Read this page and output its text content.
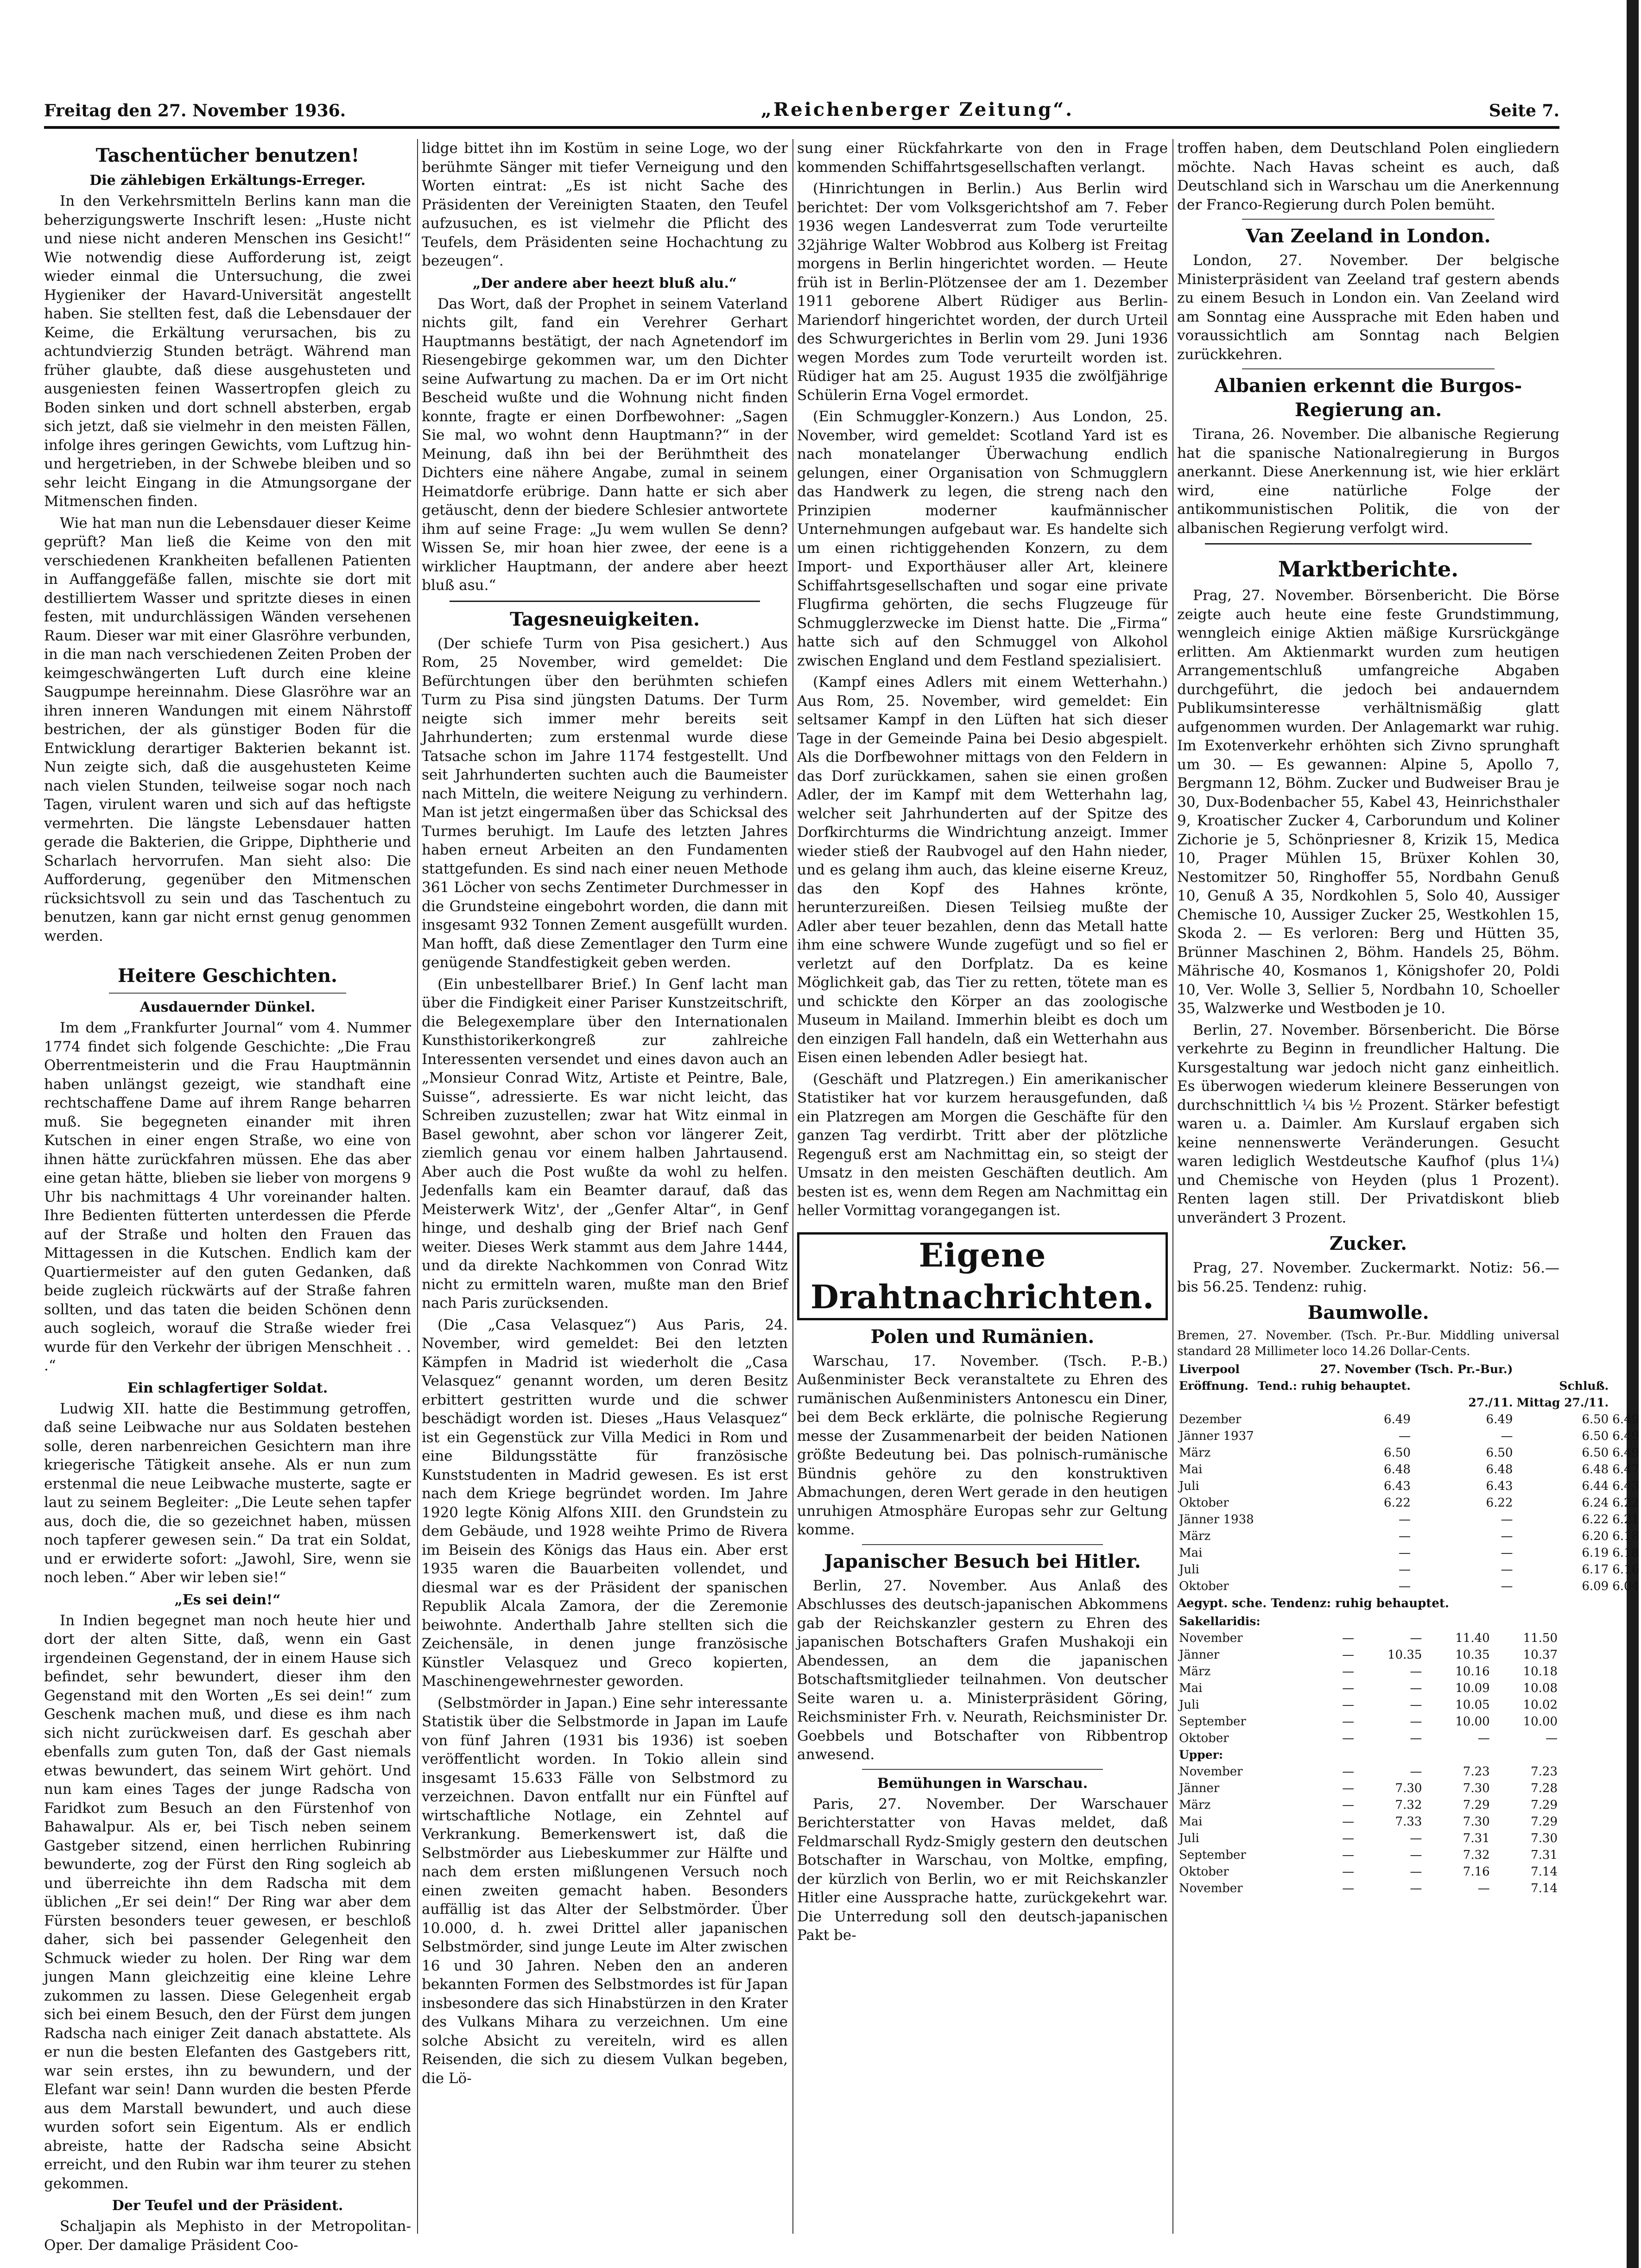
Freitag den 27. November 1936.	„Reichenberger Zeitung“.	Seite 7.
Taschentücher benutzen!
Die zählebigen Erkältungs-Erreger.

In den Verkehrsmitteln Berlins kann man die beherzigungswerte Inschrift lesen: „Huste nicht und niese nicht anderen Menschen ins Gesicht!“ Wie notwendig diese Aufforderung ist, zeigt wieder einmal die Untersuchung, die zwei Hygieniker der Havard-Universität angestellt haben. Sie stellten fest, daß die Lebensdauer der Keime, die Erkältung verursachen, bis zu achtundvierzig Stunden beträgt. Während man früher glaubte, daß diese ausgehusteten und ausgeniesten feinen Wassertropfen gleich zu Boden sinken und dort schnell absterben, ergab sich jetzt, daß sie vielmehr in den meisten Fällen, infolge ihres geringen Gewichts, vom Luftzug hin- und hergetrieben, in der Schwebe bleiben und so sehr leicht Eingang in die Atmungsorgane der Mitmenschen finden.

Wie hat man nun die Lebensdauer dieser Keime geprüft? Man ließ die Keime von den mit verschiedenen Krankheiten befallenen Patienten in Auffanggefäße fallen, mischte sie dort mit destilliertem Wasser und spritzte dieses in einen festen, mit undurchlässigen Wänden versehenen Raum. Dieser war mit einer Glasröhre verbunden, in die man nach verschiedenen Zeiten Proben der keimgeschwängerten Luft durch eine kleine Saugpumpe hereinnahm. Diese Glasröhre war an ihren inneren Wandungen mit einem Nährstoff bestrichen, der als günstiger Boden für die Entwicklung derartiger Bakterien bekannt ist. Nun zeigte sich, daß die ausgehusteten Keime nach vielen Stunden, teilweise sogar noch nach Tagen, virulent waren und sich auf das heftigste vermehrten. Die längste Lebensdauer hatten gerade die Bakterien, die Grippe, Diphtherie und Scharlach hervorrufen. Man sieht also: Die Aufforderung, gegenüber den Mitmenschen rücksichtsvoll zu sein und das Taschentuch zu benutzen, kann gar nicht ernst genug genommen werden.

Heitere Geschichten.
Ausdauernder Dünkel.

Im dem „Frankfurter Journal“ vom 4. Nummer 1774 findet sich folgende Geschichte: „Die Frau Oberrentmeisterin und die Frau Hauptmännin haben unlängst gezeigt, wie standhaft eine rechtschaffene Dame auf ihrem Range beharren muß. Sie begegneten einander mit ihren Kutschen in einer engen Straße, wo eine von ihnen hätte zurückfahren müssen. Ehe das aber eine getan hätte, blieben sie lieber von morgens 9 Uhr bis nachmittags 4 Uhr voreinander halten. Ihre Bedienten fütterten unterdessen die Pferde auf der Straße und holten den Frauen das Mittagessen in die Kutschen. Endlich kam der Quartiermeister auf den guten Gedanken, daß beide zugleich rückwärts auf der Straße fahren sollten, und das taten die beiden Schönen denn auch sogleich, worauf die Straße wieder frei wurde für den Verkehr der übrigen Menschheit . . .“

Ein schlagfertiger Soldat.

Ludwig XII. hatte die Bestimmung getroffen, daß seine Leibwache nur aus Soldaten bestehen solle, deren narbenreichen Gesichtern man ihre kriegerische Tätigkeit ansehe. Als er nun zum erstenmal die neue Leibwache musterte, sagte er laut zu seinem Begleiter: „Die Leute sehen tapfer aus, doch die, die so gezeichnet haben, müssen noch tapferer gewesen sein.“ Da trat ein Soldat, und er erwiderte sofort: „Jawohl, Sire, wenn sie noch leben.“ Aber wir leben sie!“

„Es sei dein!“

In Indien begegnet man noch heute hier und dort der alten Sitte, daß, wenn ein Gast irgendeinen Gegenstand, der in einem Hause sich befindet, sehr bewundert, dieser ihm den Gegenstand mit den Worten „Es sei dein!“ zum Geschenk machen muß, und diese es ihm nach sich nicht zurückweisen darf. Es geschah aber ebenfalls zum guten Ton, daß der Gast niemals etwas bewundert, das seinem Wirt gehört. Und nun kam eines Tages der junge Radscha von Faridkot zum Besuch an den Fürstenhof von Bahawalpur. Als er, bei Tisch neben seinem Gastgeber sitzend, einen herrlichen Rubinring bewunderte, zog der Fürst den Ring sogleich ab und überreichte ihn dem Radscha mit dem üblichen „Er sei dein!“ Der Ring war aber dem Fürsten besonders teuer gewesen, er beschloß daher, sich bei passender Gelegenheit den Schmuck wieder zu holen. Der Ring war dem jungen Mann gleichzeitig eine kleine Lehre zukommen zu lassen. Diese Gelegenheit ergab sich bei einem Besuch, den der Fürst dem jungen Radscha nach einiger Zeit danach abstattete. Als er nun die besten Elefanten des Gastgebers ritt, war sein erstes, ihn zu bewundern, und der Elefant war sein! Dann wurden die besten Pferde aus dem Marstall bewundert, und auch diese wurden sofort sein Eigentum. Als er endlich abreiste, hatte der Radscha seine Absicht erreicht, und den Rubin war ihm teurer zu stehen gekommen.

Der Teufel und der Präsident.

Schaljapin als Mephisto in der Metropolitan-Oper. Der damalige Präsident Coo-

lidge bittet ihn im Kostüm in seine Loge, wo der berühmte Sänger mit tiefer Verneigung und den Worten eintrat: „Es ist nicht Sache des Präsidenten der Vereinigten Staaten, den Teufel aufzusuchen, es ist vielmehr die Pflicht des Teufels, dem Präsidenten seine Hochachtung zu bezeugen“.

„Der andere aber heezt bluß alu.“

Das Wort, daß der Prophet in seinem Vaterland nichts gilt, fand ein Verehrer Gerhart Hauptmanns bestätigt, der nach Agnetendorf im Riesengebirge gekommen war, um den Dichter seine Aufwartung zu machen. Da er im Ort nicht Bescheid wußte und die Wohnung nicht finden konnte, fragte er einen Dorfbewohner: „Sagen Sie mal, wo wohnt denn Hauptmann?“ in der Meinung, daß ihn bei der Berühmtheit des Dichters eine nähere Angabe, zumal in seinem Heimatdorfe erübrige. Dann hatte er sich aber getäuscht, denn der biedere Schlesier antwortete ihm auf seine Frage: „Ju wem wullen Se denn? Wissen Se, mir hoan hier zwee, der eene is a wirklicher Hauptmann, der andere aber heezt bluß asu.“

Tagesneuigkeiten.

(Der schiefe Turm von Pisa gesichert.) Aus Rom, 25 November, wird gemeldet: Die Befürchtungen über den berühmten schiefen Turm zu Pisa sind jüngsten Datums. Der Turm neigte sich immer mehr bereits seit Jahrhunderten; zum erstenmal wurde diese Tatsache schon im Jahre 1174 festgestellt. Und seit Jahrhunderten suchten auch die Baumeister nach Mitteln, die weitere Neigung zu verhindern. Man ist jetzt eingermaßen über das Schicksal des Turmes beruhigt. Im Laufe des letzten Jahres haben erneut Arbeiten an den Fundamenten stattgefunden. Es sind nach einer neuen Methode 361 Löcher von sechs Zentimeter Durchmesser in die Grundsteine eingebohrt worden, die dann mit insgesamt 932 Tonnen Zement ausgefüllt wurden. Man hofft, daß diese Zementlager den Turm eine genügende Standfestigkeit geben werden.

(Ein unbestellbarer Brief.) In Genf lacht man über die Findigkeit einer Pariser Kunstzeitschrift, die Belegexemplare über den Internationalen Kunsthistorikerkongreß zur zahlreiche Interessenten versendet und eines davon auch an „Monsieur Conrad Witz, Artiste et Peintre, Bale, Suisse“, adressierte. Es war nicht leicht, das Schreiben zuzustellen; zwar hat Witz einmal in Basel gewohnt, aber schon vor längerer Zeit, ziemlich genau vor einem halben Jahrtausend. Aber auch die Post wußte da wohl zu helfen. Jedenfalls kam ein Beamter darauf, daß das Meisterwerk Witz', der „Genfer Altar“, in Genf hinge, und deshalb ging der Brief nach Genf weiter. Dieses Werk stammt aus dem Jahre 1444, und da direkte Nachkommen von Conrad Witz nicht zu ermitteln waren, mußte man den Brief nach Paris zurücksenden.

(Die „Casa Velasquez“) Aus Paris, 24. November, wird gemeldet: Bei den letzten Kämpfen in Madrid ist wiederholt die „Casa Velasquez“ genannt worden, um deren Besitz erbittert gestritten wurde und die schwer beschädigt worden ist. Dieses „Haus Velasquez“ ist ein Gegenstück zur Villa Medici in Rom und eine Bildungsstätte für französische Kunststudenten in Madrid gewesen. Es ist erst nach dem Kriege begründet worden. Im Jahre 1920 legte König Alfons XIII. den Grundstein zu dem Gebäude, und 1928 weihte Primo de Rivera im Beisein des Königs das Haus ein. Aber erst 1935 waren die Bauarbeiten vollendet, und diesmal war es der Präsident der spanischen Republik Alcala Zamora, der die Zeremonie beiwohnte. Anderthalb Jahre stellten sich die Zeichensäle, in denen junge französische Künstler Velasquez und Greco kopierten, Maschinengewehrnester geworden.

(Selbstmörder in Japan.) Eine sehr interessante Statistik über die Selbstmorde in Japan im Laufe von fünf Jahren (1931 bis 1936) ist soeben veröffentlicht worden. In Tokio allein sind insgesamt 15.633 Fälle von Selbstmord zu verzeichnen. Davon entfallt nur ein Fünftel auf wirtschaftliche Notlage, ein Zehntel auf Verkrankung. Bemerkenswert ist, daß die Selbstmörder aus Liebeskummer zur Hälfte und nach dem ersten mißlungenen Versuch noch einen zweiten gemacht haben. Besonders auffällig ist das Alter der Selbstmörder. Über 10.000, d. h. zwei Drittel aller japanischen Selbstmörder, sind junge Leute im Alter zwischen 16 und 30 Jahren. Neben den an anderen bekannten Formen des Selbstmordes ist für Japan insbesondere das sich Hinabstürzen in den Krater des Vulkans Mihara zu verzeichnen. Um eine solche Absicht zu vereiteln, wird es allen Reisenden, die sich zu diesem Vulkan begeben, die Lö-

sung einer Rückfahrkarte von den in Frage kommenden Schiffahrtsgesellschaften verlangt.

(Hinrichtungen in Berlin.) Aus Berlin wird berichtet: Der vom Volksgerichtshof am 7. Feber 1936 wegen Landesverrat zum Tode verurteilte 32jährige Walter Wobbrod aus Kolberg ist Freitag morgens in Berlin hingerichtet worden. — Heute früh ist in Berlin-Plötzensee der am 1. Dezember 1911 geborene Albert Rüdiger aus Berlin-Mariendorf hingerichtet worden, der durch Urteil des Schwurgerichtes in Berlin vom 29. Juni 1936 wegen Mordes zum Tode verurteilt worden ist. Rüdiger hat am 25. August 1935 die zwölfjährige Schülerin Erna Vogel ermordet.

(Ein Schmuggler-Konzern.) Aus London, 25. November, wird gemeldet: Scotland Yard ist es nach monatelanger Überwachung endlich gelungen, einer Organisation von Schmugglern das Handwerk zu legen, die streng nach den Prinzipien moderner kaufmännischer Unternehmungen aufgebaut war. Es handelte sich um einen richtiggehenden Konzern, zu dem Import- und Exporthäuser aller Art, kleinere Schiffahrtsgesellschaften und sogar eine private Flugfirma gehörten, die sechs Flugzeuge für Schmugglerzwecke im Dienst hatte. Die „Firma“ hatte sich auf den Schmuggel von Alkohol zwischen England und dem Festland spezialisiert.

(Kampf eines Adlers mit einem Wetterhahn.) Aus Rom, 25. November, wird gemeldet: Ein seltsamer Kampf in den Lüften hat sich dieser Tage in der Gemeinde Paina bei Desio abgespielt. Als die Dorfbewohner mittags von den Feldern in das Dorf zurückkamen, sahen sie einen großen Adler, der im Kampf mit dem Wetterhahn lag, welcher seit Jahrhunderten auf der Spitze des Dorfkirchturms die Windrichtung anzeigt. Immer wieder stieß der Raubvogel auf den Hahn nieder, und es gelang ihm auch, das kleine eiserne Kreuz, das den Kopf des Hahnes krönte, herunterzureißen. Diesen Teilsieg mußte der Adler aber teuer bezahlen, denn das Metall hatte ihm eine schwere Wunde zugefügt und so fiel er verletzt auf den Dorfplatz. Da es keine Möglichkeit gab, das Tier zu retten, tötete man es und schickte den Körper an das zoologische Museum in Mailand. Immerhin bleibt es doch um den einzigen Fall handeln, daß ein Wetterhahn aus Eisen einen lebenden Adler besiegt hat.

(Geschäft und Platzregen.) Ein amerikanischer Statistiker hat vor kurzem herausgefunden, daß ein Platzregen am Morgen die Geschäfte für den ganzen Tag verdirbt. Tritt aber der plötzliche Regenguß erst am Nachmittag ein, so steigt der Umsatz in den meisten Geschäften deutlich. Am besten ist es, wenn dem Regen am Nachmittag ein heller Vormittag vorangegangen ist.

Eigene Drahtnachrichten.
Polen und Rumänien.

Warschau, 17. November. (Tsch. P.-B.) Außenminister Beck veranstaltete zu Ehren des rumänischen Außenministers Antonescu ein Diner, bei dem Beck erklärte, die polnische Regierung messe der Zusammenarbeit der beiden Nationen größte Bedeutung bei. Das polnisch-rumänische Bündnis gehöre zu den konstruktiven Abmachungen, deren Wert gerade in den heutigen unruhigen Atmosphäre Europas sehr zur Geltung komme.

Japanischer Besuch bei Hitler.

Berlin, 27. November. Aus Anlaß des Abschlusses des deutsch-japanischen Abkommens gab der Reichskanzler gestern zu Ehren des japanischen Botschafters Grafen Mushakoji ein Abendessen, an dem die japanischen Botschaftsmitglieder teilnahmen. Von deutscher Seite waren u. a. Ministerpräsident Göring, Reichsminister Frh. v. Neurath, Reichsminister Dr. Goebbels und Botschafter von Ribbentrop anwesend.

Bemühungen in Warschau.

Paris, 27. November. Der Warschauer Berichterstatter von Havas meldet, daß Feldmarschall Rydz-Smigly gestern den deutschen Botschafter in Warschau, von Moltke, empfing, der kürzlich von Berlin, wo er mit Reichskanzler Hitler eine Aussprache hatte, zurückgekehrt war. Die Unterredung soll den deutsch-japanischen Pakt be-

troffen haben, dem Deutschland Polen eingliedern möchte. Nach Havas scheint es auch, daß Deutschland sich in Warschau um die Anerkennung der Franco-Regierung durch Polen bemüht.

Van Zeeland in London.

London, 27. November. Der belgische Ministerpräsident van Zeeland traf gestern abends zu einem Besuch in London ein. Van Zeeland wird am Sonntag eine Aussprache mit Eden haben und voraussichtlich am Sonntag nach Belgien zurückkehren.

Albanien erkennt die Burgos-Regierung an.

Tirana, 26. November. Die albanische Regierung hat die spanische Nationalregierung in Burgos anerkannt. Diese Anerkennung ist, wie hier erklärt wird, eine natürliche Folge der antikommunistischen Politik, die von der albanischen Regierung verfolgt wird.

Marktberichte.

Prag, 27. November. Börsenbericht. Die Börse zeigte auch heute eine feste Grundstimmung, wenngleich einige Aktien mäßige Kursrückgänge erlitten. Am Aktienmarkt wurden zum heutigen Arrangementschluß umfangreiche Abgaben durchgeführt, die jedoch bei andauerndem Publikumsinteresse verhältnismäßig glatt aufgenommen wurden. Der Anlagemarkt war ruhig. Im Exotenverkehr erhöhten sich Zivno sprunghaft um 30. — Es gewannen: Alpine 5, Apollo 7, Bergmann 12, Böhm. Zucker und Budweiser Brau je 30, Dux-Bodenbacher 55, Kabel 43, Heinrichsthaler 9, Kroatischer Zucker 4, Carborundum und Koliner Zichorie je 5, Schönpriesner 8, Krizik 15, Medica 10, Prager Mühlen 15, Brüxer Kohlen 30, Nestomitzer 50, Ringhoffer 55, Nordbahn Genuß 10, Genuß A 35, Nordkohlen 5, Solo 40, Aussiger Chemische 10, Aussiger Zucker 25, Westkohlen 15, Skoda 2. — Es verloren: Berg und Hütten 35, Brünner Maschinen 2, Böhm. Handels 25, Böhm. Mährische 40, Kosmanos 1, Königshofer 20, Poldi 10, Ver. Wolle 3, Sellier 5, Nordbahn 10, Schoeller 35, Walzwerke und Westboden je 10.

Berlin, 27. November. Börsenbericht. Die Börse verkehrte zu Beginn in freundlicher Haltung. Die Kursgestaltung war jedoch nicht ganz einheitlich. Es überwogen wiederum kleinere Besserungen von durchschnittlich ¼ bis ½ Prozent. Stärker befestigt waren u. a. Daimler. Am Kurslauf ergaben sich keine nennenswerte Veränderungen. Gesucht waren lediglich Westdeutsche Kaufhof (plus 1¼) und Chemische von Heyden (plus 1 Prozent). Renten lagen still. Der Privatdiskont blieb unverändert 3 Prozent.

Zucker.

Prag, 27. November. Zuckermarkt. Notiz: 56.— bis 56.25. Tendenz: ruhig.

Baumwolle.
Bremen, 27. November. (Tsch. Pr.-Bur. Middling universal standard 28 Millimeter loco 14.26 Dollar-Cents.
Liverpool	27. November	(Tsch. Pr.-Bur.)		
Eröffnung.	Tend.: ruhig behauptet.		Schluß.	
		27./11.	Mittag 27./11.	
Dezember	6.49	6.49	6.50	6.49
Jänner 1937	—	—	6.50	6.49
März	6.50	6.50	6.50	6.49
Mai	6.48	6.48	6.48	6.47
Juli	6.43	6.43	6.44	6.43
Oktober	6.22	6.22	6.24	6.22
Jänner 1938	—	—	6.22	6.21
März	—	—	6.20	6.18
Mai	—	—	6.19	6.18
Juli	—	—	6.17	6.16
Oktober	—	—	6.09	6.04
Aegypt. sche. Tendenz: ruhig behauptet.
Sakellaridis:				
November	—	—	11.40	11.50
Jänner	—	10.35	10.35	10.37
März	—	—	10.16	10.18
Mai	—	—	10.09	10.08
Juli	—	—	10.05	10.02
September	—	—	10.00	10.00
Oktober	—	—	—	—
Upper:				
November	—	—	7.23	7.23
Jänner	—	7.30	7.30	7.28
März	—	7.32	7.29	7.29
Mai	—	7.33	7.30	7.29
Juli	—	—	7.31	7.30
September	—	—	7.32	7.31
Oktober	—	—	7.16	7.14
November	—	—	—	7.14
